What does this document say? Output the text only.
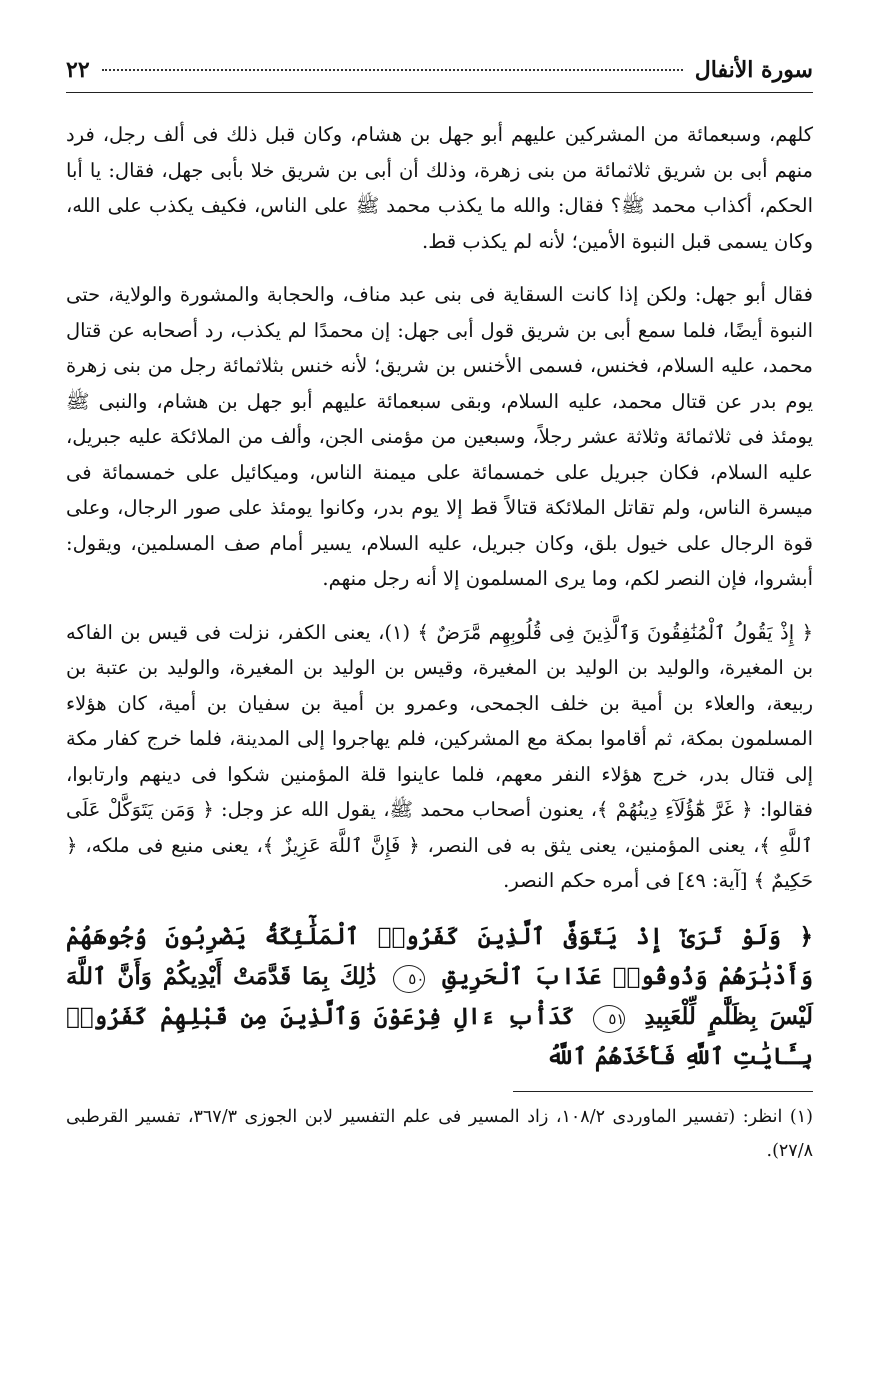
سورة الأنفال
٢٢

كلهم، وسبعمائة من المشركين عليهم أبو جهل بن هشام، وكان قبل ذلك فى ألف رجل، فرد منهم أبى بن شريق ثلاثمائة من بنى زهرة، وذلك أن أبى بن شريق خلا بأبى جهل، فقال: يا أبا الحكم، أكذاب محمد ﷺ؟ فقال: والله ما يكذب محمد ﷺ على الناس، فكيف يكذب على الله، وكان يسمى قبل النبوة الأمين؛ لأنه لم يكذب قط.

فقال أبو جهل: ولكن إذا كانت السقاية فى بنى عبد مناف، والحجابة والمشورة والولاية، حتى النبوة أيضًا، فلما سمع أبى بن شريق قول أبى جهل: إن محمدًا لم يكذب، رد أصحابه عن قتال محمد، عليه السلام، فخنس، فسمى الأخنس بن شريق؛ لأنه خنس بثلاثمائة رجل من بنى زهرة يوم بدر عن قتال محمد، عليه السلام، وبقى سبعمائة عليهم أبو جهل بن هشام، والنبى ﷺ يومئذ فى ثلاثمائة وثلاثة عشر رجلاً، وسبعين من مؤمنى الجن، وألف من الملائكة عليه جبريل، عليه السلام، فكان جبريل على خمسمائة على ميمنة الناس، وميكائيل على خمسمائة فى ميسرة الناس، ولم تقاتل الملائكة قتالاً قط إلا يوم بدر، وكانوا يومئذ على صور الرجال، وعلى قوة الرجال على خيول بلق، وكان جبريل، عليه السلام، يسير أمام صف المسلمين، ويقول: أبشروا، فإن النصر لكم، وما يرى المسلمون إلا أنه رجل منهم.

﴿ إِذْ يَقُولُ ٱلْمُنَٰفِقُونَ وَٱلَّذِينَ فِى قُلُوبِهِم مَّرَضٌ ﴾ (١)، يعنى الكفر، نزلت فى قيس بن الفاكه بن المغيرة، والوليد بن الوليد بن المغيرة، وقيس بن الوليد بن المغيرة، والوليد بن عتبة بن ربيعة، والعلاء بن أمية بن خلف الجمحى، وعمرو بن أمية بن سفيان بن أمية، كان هؤلاء المسلمون بمكة، ثم أقاموا بمكة مع المشركين، فلم يهاجروا إلى المدينة، فلما خرج كفار مكة إلى قتال بدر، خرج هؤلاء النفر معهم، فلما عاينوا قلة المؤمنين شكوا فى دينهم وارتابوا، فقالوا: ﴿ غَرَّ هَٰٓؤُلَآءِ دِينُهُمْ ﴾، يعنون أصحاب محمد ﷺ، يقول الله عز وجل: ﴿ وَمَن يَتَوَكَّلْ عَلَى ٱللَّهِ ﴾، يعنى المؤمنين، يعنى يثق به فى النصر، ﴿ فَإِنَّ ٱللَّهَ عَزِيزٌ ﴾، يعنى منيع فى ملكه، ﴿ حَكِيمٌ ﴾ [آية: ٤٩] فى أمره حكم النصر.

﴿ وَلَوْ تَرَىٰٓ إِذْ يَتَوَفَّى ٱلَّذِينَ كَفَرُوا۟ ٱلْمَلَٰٓئِكَةُ يَضْرِبُونَ وُجُوهَهُمْ وَأَدْبَٰرَهُمْ وَذُوقُوا۟ عَذَابَ ٱلْحَرِيقِ ٥٠ ذَٰلِكَ بِمَا قَدَّمَتْ أَيْدِيكُمْ وَأَنَّ ٱللَّهَ لَيْسَ بِظَلَّٰمٍ لِّلْعَبِيدِ ٥١ كَدَأْبِ ءَالِ فِرْعَوْنَ وَٱلَّذِينَ مِن قَبْلِهِمْ كَفَرُوا۟ بِـَٔايَٰتِ ٱللَّهِ فَأَخَذَهُمُ ٱللَّهُ

(١) انظر: (تفسير الماوردى ١٠٨/٢، زاد المسير فى علم التفسير لابن الجوزى ٣٦٧/٣، تفسير القرطبى ٢٧/٨).
